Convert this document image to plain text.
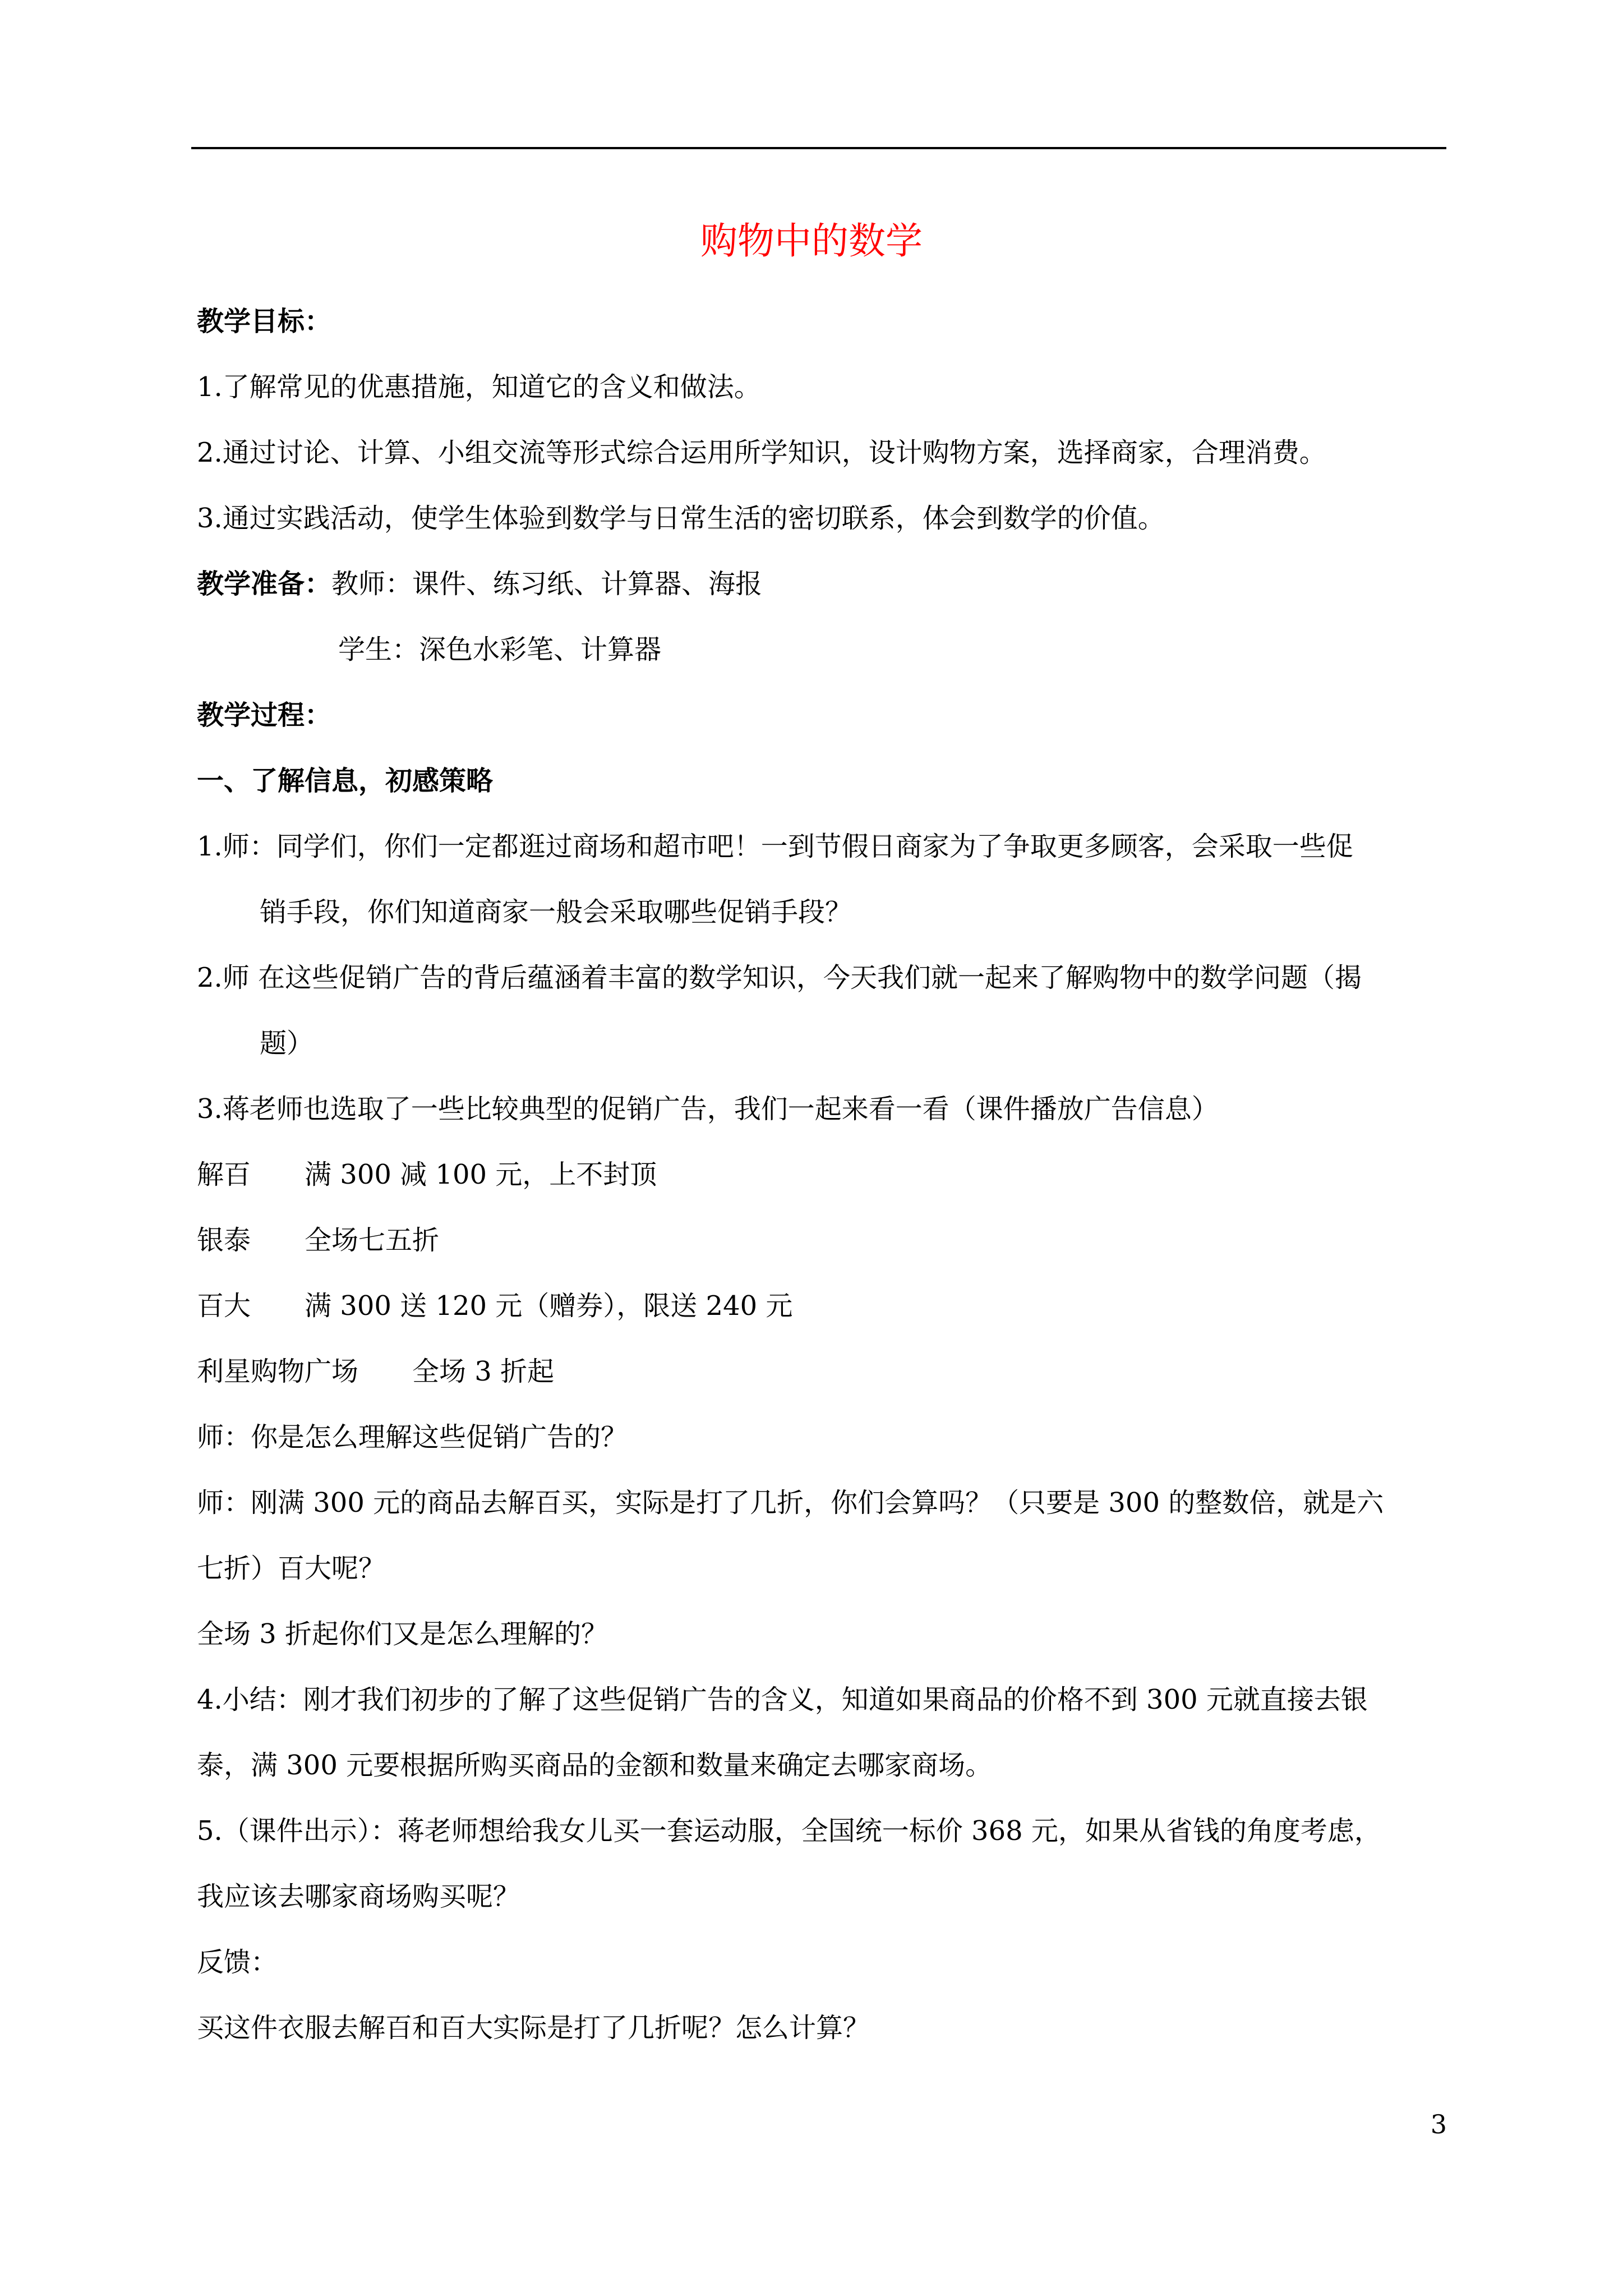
购物中的数学

教学目标：

1.了解常见的优惠措施，知道它的含义和做法。

2.通过讨论、计算、小组交流等形式综合运用所学知识，设计购物方案，选择商家，合理消费。

3.通过实践活动，使学生体验到数学与日常生活的密切联系，体会到数学的价值。

教学准备：教师：课件、练习纸、计算器、海报

学生：深色水彩笔、计算器

教学过程：

一、了解信息，初感策略

1.师：同学们，你们一定都逛过商场和超市吧！一到节假日商家为了争取更多顾客，会采取一些促

销手段，你们知道商家一般会采取哪些促销手段？

2.师 在这些促销广告的背后蕴涵着丰富的数学知识，今天我们就一起来了解购物中的数学问题（揭

题）

3.蒋老师也选取了一些比较典型的促销广告，我们一起来看一看（课件播放广告信息）

解百 满 300 减 100 元，上不封顶

银泰 全场七五折

百大 满 300 送 120 元（赠券），限送 240 元

利星购物广场 全场 3 折起

师：你是怎么理解这些促销广告的？

师：刚满 300 元的商品去解百买，实际是打了几折，你们会算吗？（只要是 300 的整数倍，就是六

七折）百大呢？

全场 3 折起你们又是怎么理解的？

4.小结：刚才我们初步的了解了这些促销广告的含义，知道如果商品的价格不到 300 元就直接去银

泰，满 300 元要根据所购买商品的金额和数量来确定去哪家商场。

5.（课件出示）：蒋老师想给我女儿买一套运动服，全国统一标价 368 元，如果从省钱的角度考虑，

我应该去哪家商场购买呢？

反馈：

买这件衣服去解百和百大实际是打了几折呢？怎么计算？

3
